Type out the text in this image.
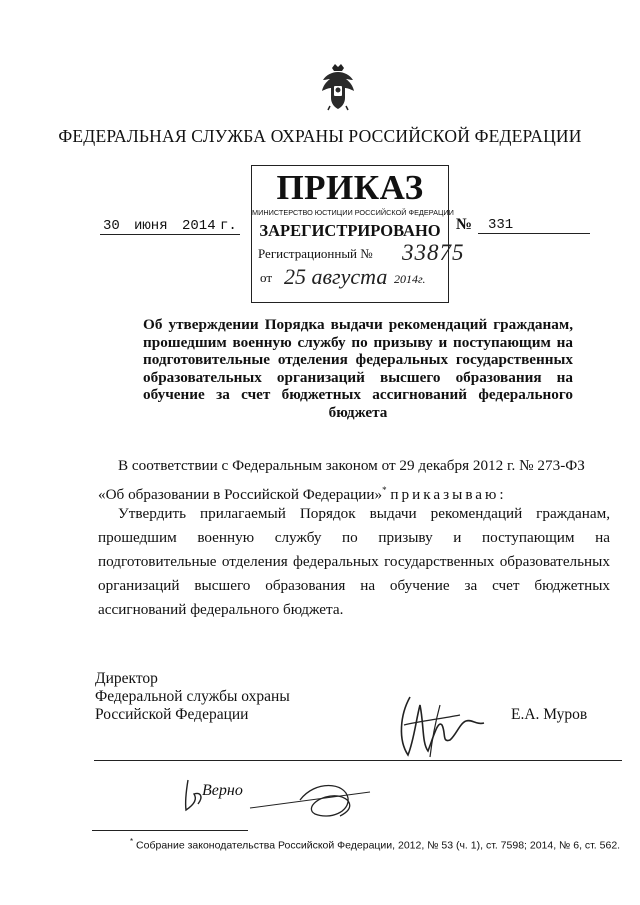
ФЕДЕРАЛЬНАЯ СЛУЖБА ОХРАНЫ РОССИЙСКОЙ ФЕДЕРАЦИИ
30 июня 2014 г.	№ 331
ПРИКАЗ
МИНИСТЕРСТВО ЮСТИЦИИ РОССИЙСКОЙ ФЕДЕРАЦИИ
ЗАРЕГИСТРИРОВАНО
Регистрационный № 33875
от 25 августа 2014г.
Об утверждении Порядка выдачи рекомендаций гражданам, прошедшим военную службу по призыву и поступающим на подготовительные отделения федеральных государственных образовательных организаций высшего образования на обучение за счет бюджетных ассигнований федерального бюджета
В соответствии с Федеральным законом от 29 декабря 2012 г. № 273-ФЗ «Об образовании в Российской Федерации»* приказываю:
Утвердить прилагаемый Порядок выдачи рекомендаций гражданам, прошедшим военную службу по призыву и поступающим на подготовительные отделения федеральных государственных образовательных организаций высшего образования на обучение за счет бюджетных ассигнований федерального бюджета.
Директор
Федеральной службы охраны
Российской Федерации	Е.А. Муров
Верно
* Собрание законодательства Российской Федерации, 2012, № 53 (ч. 1), ст. 7598; 2014, № 6, ст. 562.
